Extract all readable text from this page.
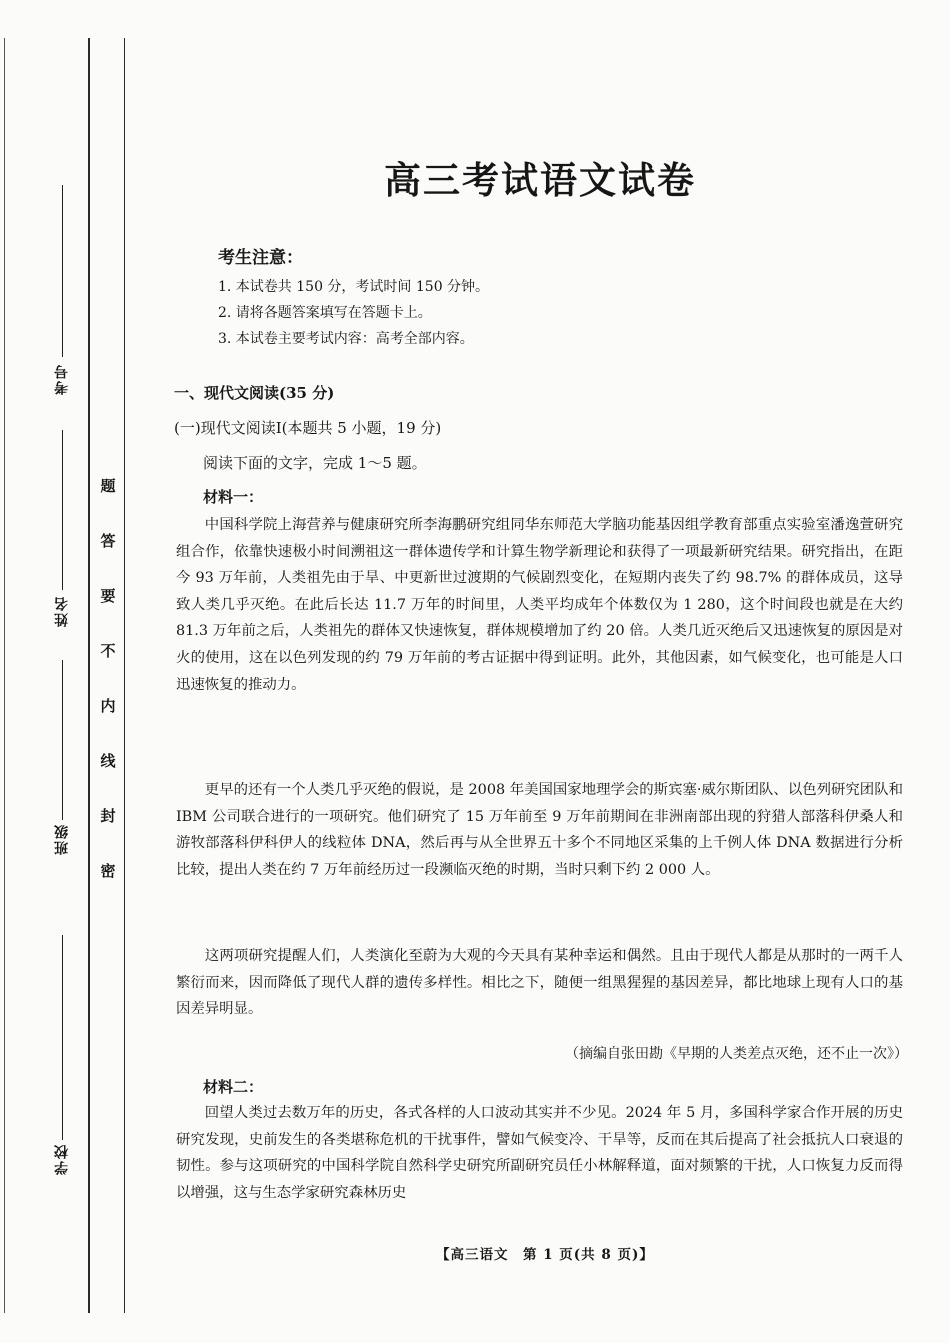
考号
姓名
班级
学校
题
答
要
不
内
线
封
密
高三考试语文试卷
考生注意：
1. 本试卷共 150 分，考试时间 150 分钟。
2. 请将各题答案填写在答题卡上。
3. 本试卷主要考试内容：高考全部内容。
一、现代文阅读(35 分)
(一)现代文阅读Ⅰ(本题共 5 小题，19 分)
阅读下面的文字，完成 1～5 题。
材料一：
中国科学院上海营养与健康研究所李海鹏研究组同华东师范大学脑功能基因组学教育部重点实验室潘逸萱研究组合作，依靠快速极小时间溯祖这一群体遗传学和计算生物学新理论和获得了一项最新研究结果。研究指出，在距今 93 万年前，人类祖先由于旱、中更新世过渡期的气候剧烈变化，在短期内丧失了约 98.7% 的群体成员，这导致人类几乎灭绝。在此后长达 11.7 万年的时间里，人类平均成年个体数仅为 1 280，这个时间段也就是在大约 81.3 万年前之后，人类祖先的群体又快速恢复，群体规模增加了约 20 倍。人类几近灭绝后又迅速恢复的原因是对火的使用，这在以色列发现的约 79 万年前的考古证据中得到证明。此外，其他因素，如气候变化，也可能是人口迅速恢复的推动力。
更早的还有一个人类几乎灭绝的假说，是 2008 年美国国家地理学会的斯宾塞·威尔斯团队、以色列研究团队和 IBM 公司联合进行的一项研究。他们研究了 15 万年前至 9 万年前期间在非洲南部出现的狩猎人部落科伊桑人和游牧部落科伊科伊人的线粒体 DNA，然后再与从全世界五十多个不同地区采集的上千例人体 DNA 数据进行分析比较，提出人类在约 7 万年前经历过一段濒临灭绝的时期，当时只剩下约 2 000 人。
这两项研究提醒人们，人类演化至蔚为大观的今天具有某种幸运和偶然。且由于现代人都是从那时的一两千人繁衍而来，因而降低了现代人群的遗传多样性。相比之下，随便一组黑猩猩的基因差异，都比地球上现有人口的基因差异明显。
（摘编自张田勘《早期的人类差点灭绝，还不止一次》）
材料二：
回望人类过去数万年的历史，各式各样的人口波动其实并不少见。2024 年 5 月，多国科学家合作开展的历史研究发现，史前发生的各类堪称危机的干扰事件，譬如气候变冷、干旱等，反而在其后提高了社会抵抗人口衰退的韧性。参与这项研究的中国科学院自然科学史研究所副研究员任小林解释道，面对频繁的干扰，人口恢复力反而得以增强，这与生态学家研究森林历史
【高三语文　第 1 页(共 8 页)】
